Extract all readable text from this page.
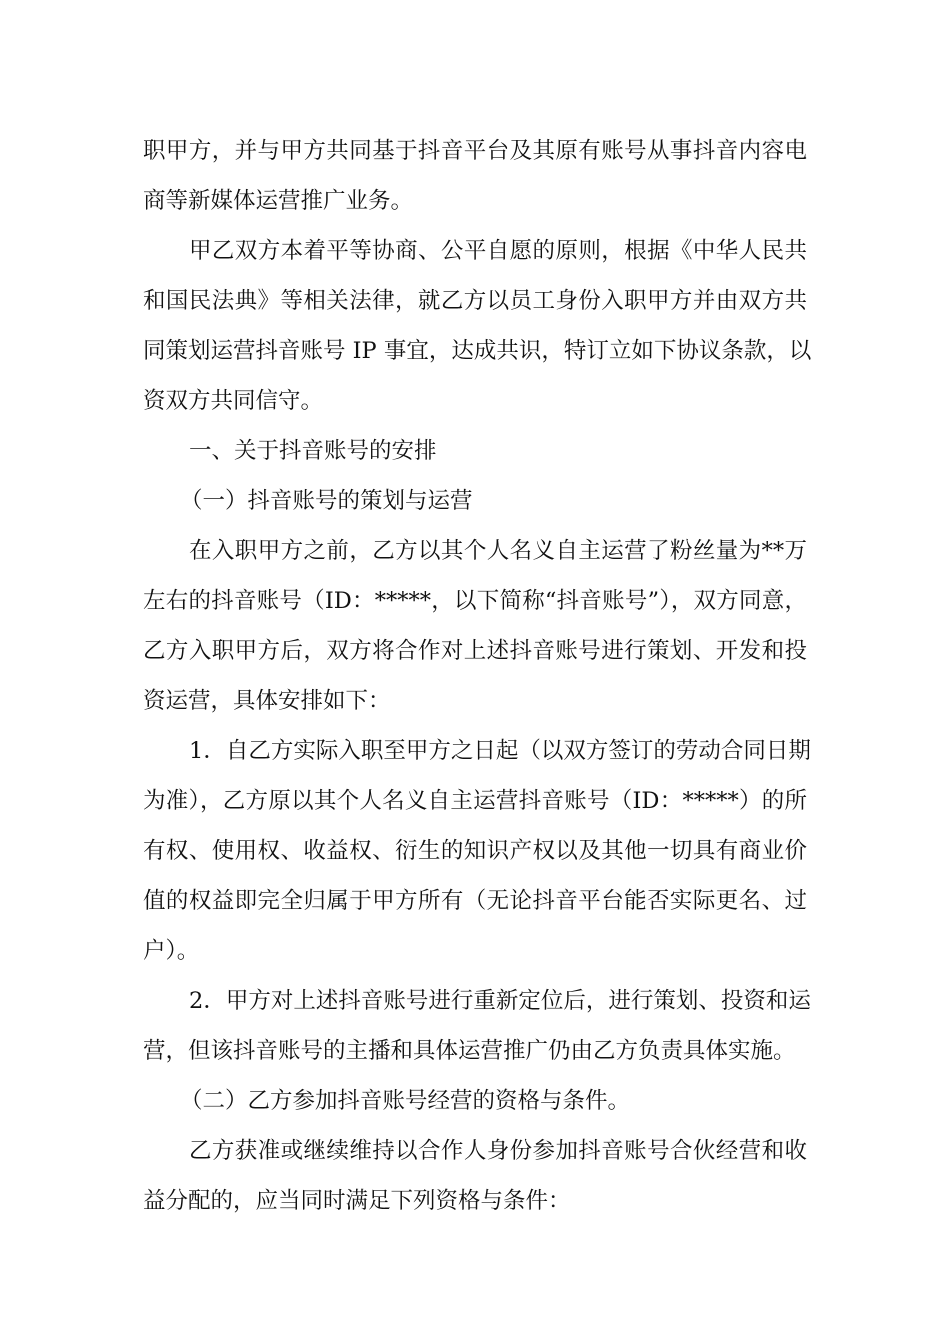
职甲方，并与甲方共同基于抖音平台及其原有账号从事抖音内容电

商等新媒体运营推广业务。

甲乙双方本着平等协商、公平自愿的原则，根据《中华人民共

和国民法典》等相关法律，就乙方以员工身份入职甲方并由双方共

同策划运营抖音账号 IP 事宜，达成共识，特订立如下协议条款，以

资双方共同信守。

一、关于抖音账号的安排

（一）抖音账号的策划与运营

在入职甲方之前，乙方以其个人名义自主运营了粉丝量为**万

左右的抖音账号（ID：*****，以下简称“抖音账号”），双方同意，

乙方入职甲方后，双方将合作对上述抖音账号进行策划、开发和投

资运营，具体安排如下：

1．自乙方实际入职至甲方之日起（以双方签订的劳动合同日期

为准），乙方原以其个人名义自主运营抖音账号（ID：*****）的所

有权、使用权、收益权、衍生的知识产权以及其他一切具有商业价

值的权益即完全归属于甲方所有（无论抖音平台能否实际更名、过

户）。

2．甲方对上述抖音账号进行重新定位后，进行策划、投资和运

营，但该抖音账号的主播和具体运营推广仍由乙方负责具体实施。

（二）乙方参加抖音账号经营的资格与条件。

乙方获准或继续维持以合作人身份参加抖音账号合伙经营和收

益分配的，应当同时满足下列资格与条件：
